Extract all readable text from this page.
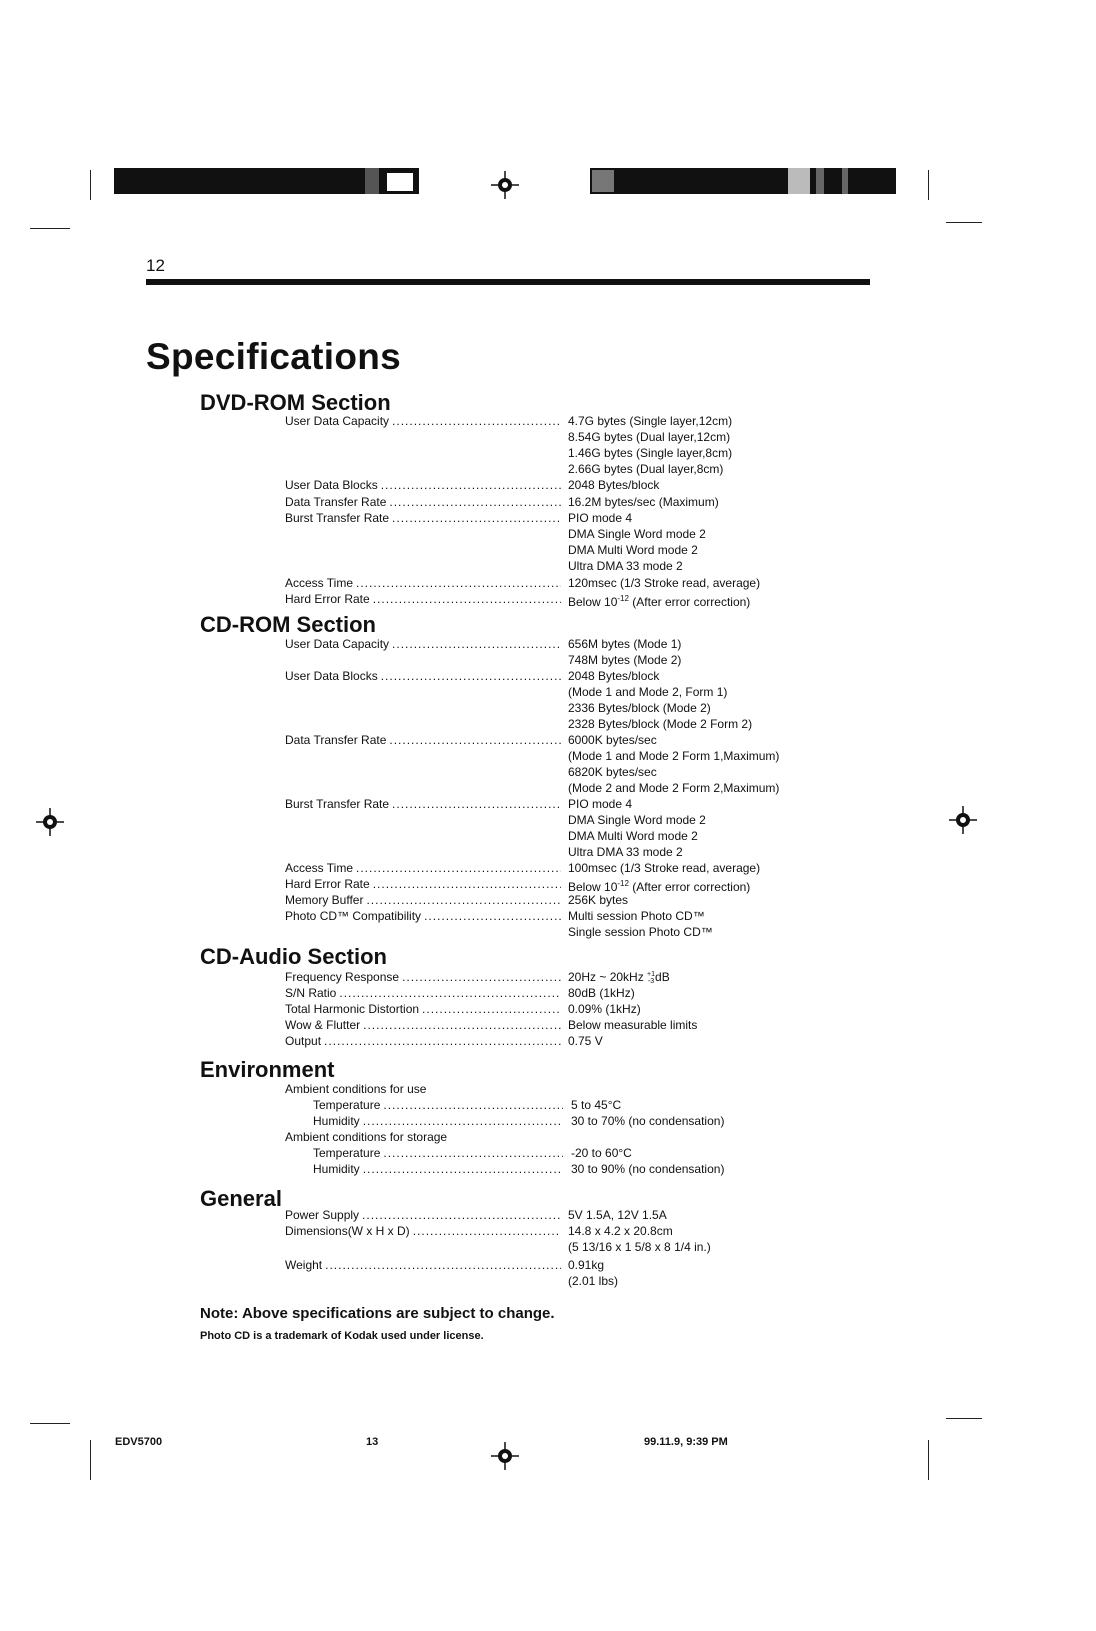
12
Specifications
DVD-ROM Section
User Data Capacity .....	4.7G bytes (Single layer,12cm)
8.54G bytes (Dual layer,12cm)
1.46G bytes (Single layer,8cm)
2.66G bytes (Dual layer,8cm)
User Data Blocks .....	2048 Bytes/block
Data Transfer Rate .....	16.2M bytes/sec (Maximum)
Burst Transfer Rate .....	PIO mode 4
DMA Single Word mode 2
DMA Multi Word mode 2
Ultra DMA 33 mode 2
Access Time .....	120msec (1/3 Stroke read, average)
Hard Error Rate .....	Below $10^{-12}$ (After error correction)
CD-ROM Section
User Data Capacity .....	656M bytes (Mode 1)
748M bytes (Mode 2)
User Data Blocks .....	2048 Bytes/block
(Mode 1 and Mode 2, Form 1)
2336 Bytes/block (Mode 2)
2328 Bytes/block (Mode 2 Form 2)
Data Transfer Rate .....	6000K bytes/sec
(Mode 1 and Mode 2 Form 1,Maximum)
6820K bytes/sec
(Mode 2 and Mode 2 Form 2,Maximum)
Burst Transfer Rate .....	PIO mode 4
DMA Single Word mode 2
DMA Multi Word mode 2
Ultra DMA 33 mode 2
Access Time .....	100msec (1/3 Stroke read, average)
Hard Error Rate .....	Below $10^{-12}$ (After error correction)
Memory Buffer .....	256K bytes
Photo CD™ Compatibility .....	Multi session Photo CD™
Single session Photo CD™
CD-Audio Section
Frequency Response .....	20Hz ~ 20kHz +1
-3dB
S/N Ratio .....	80dB (1kHz)
Total Harmonic Distortion .....	0.09% (1kHz)
Wow & Flutter .....	Below measurable limits
Output .....	0.75 V
Environment
Ambient conditions for use
Temperature .....	5 to 45°C
Humidity .....	30 to 70% (no condensation)
Ambient conditions for storage
Temperature .....	-20 to 60°C
Humidity .....	30 to 90% (no condensation)
General
Power Supply .....	5V 1.5A, 12V 1.5A
Dimensions(W x H x D) .....	14.8 x 4.2 x 20.8cm
(5 13/16 x 1 5/8 x 8 1/4 in.)
Weight .....	0.91kg
(2.01 lbs)
Note: Above specifications are subject to change.
Photo CD is a trademark of Kodak used under license.
EDV5700	13	99.11.9, 9:39 PM
